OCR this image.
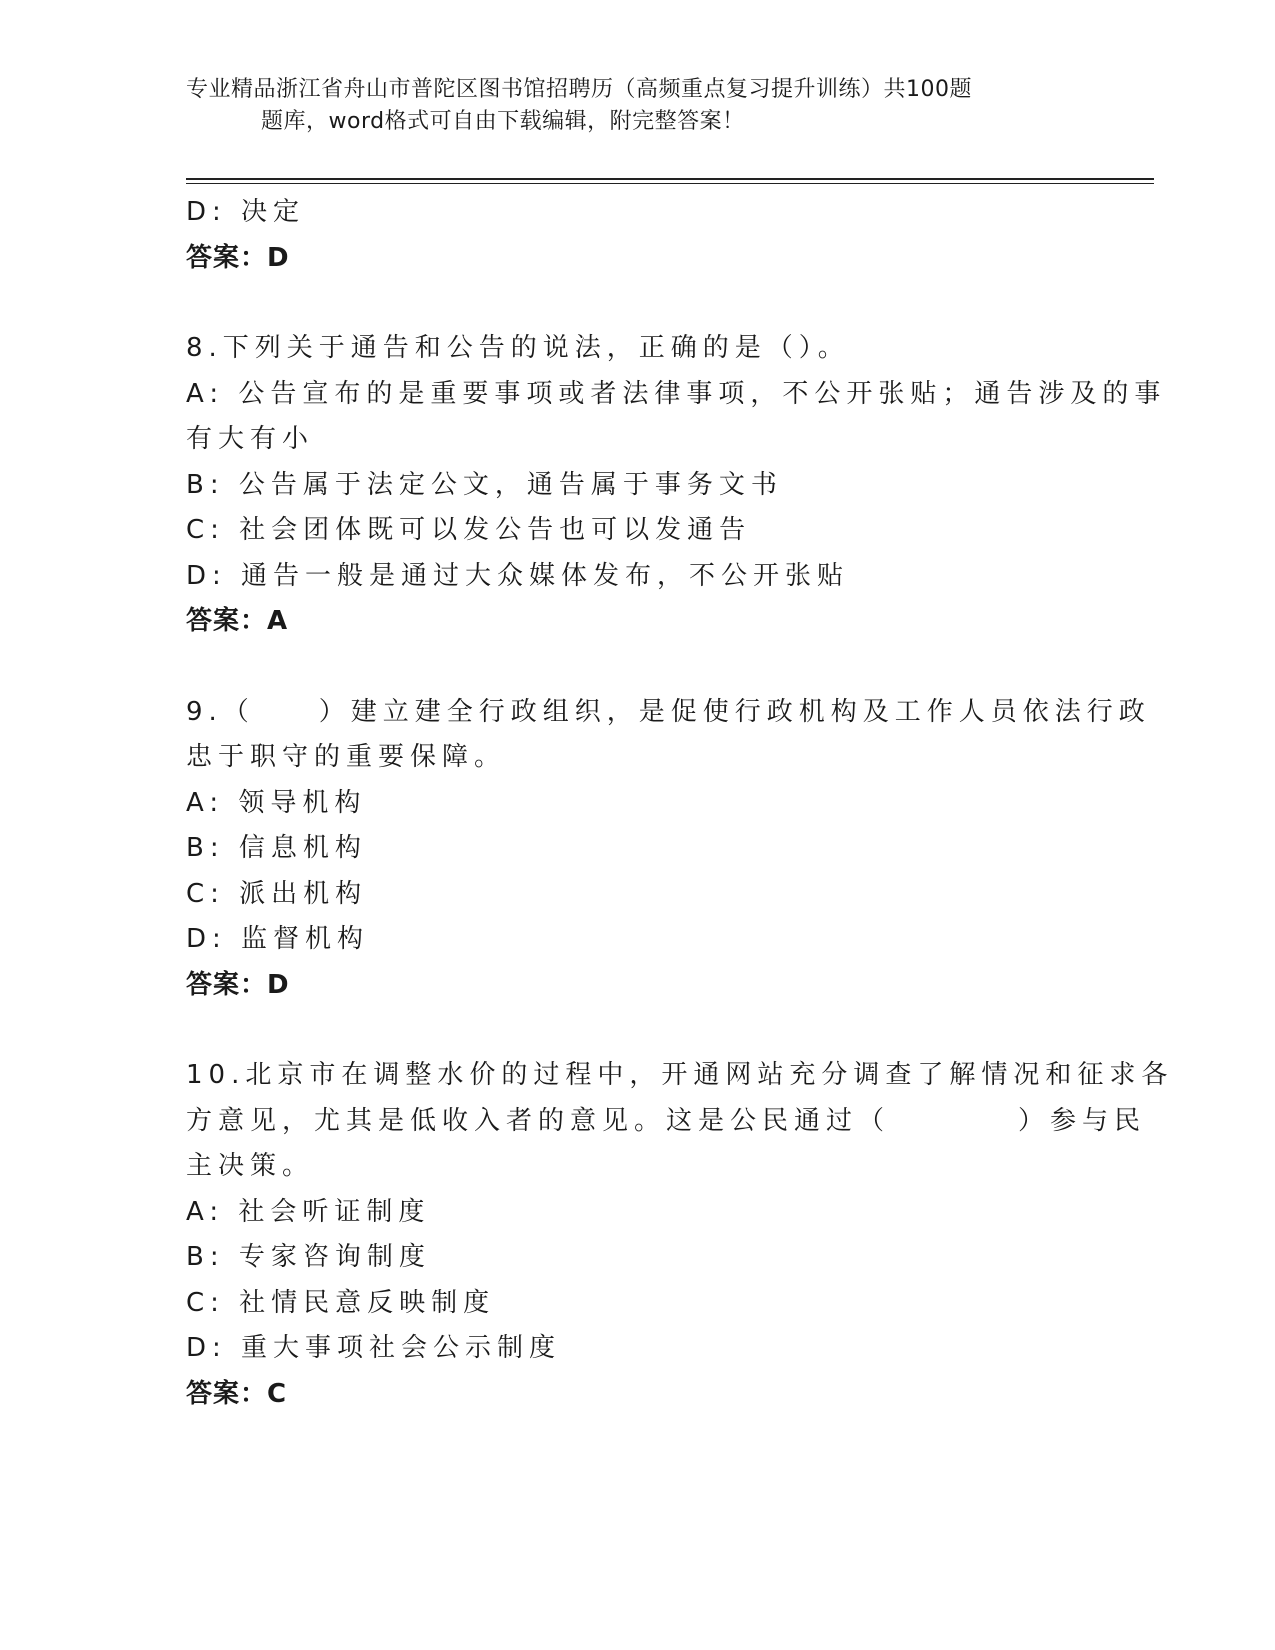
专业精品浙江省舟山市普陀区图书馆招聘历（高频重点复习提升训练）共100题
题库，word格式可自由下载编辑，附完整答案！
D: 决定
答案：D
8.下列关于通告和公告的说法，正确的是（）。
A: 公告宣布的是重要事项或者法律事项，不公开张贴；通告涉及的事
有大有小
B: 公告属于法定公文，通告属于事务文书
C: 社会团体既可以发公告也可以发通告
D: 通告一般是通过大众媒体发布，不公开张贴
答案：A
9.（　　）建立建全行政组织，是促使行政机构及工作人员依法行政
忠于职守的重要保障。
A: 领导机构
B: 信息机构
C: 派出机构
D: 监督机构
答案：D
10.北京市在调整水价的过程中，开通网站充分调查了解情况和征求各
方意见，尤其是低收入者的意见。这是公民通过（　　　　）参与民
主决策。
A: 社会听证制度
B: 专家咨询制度
C: 社情民意反映制度
D: 重大事项社会公示制度
答案：C
